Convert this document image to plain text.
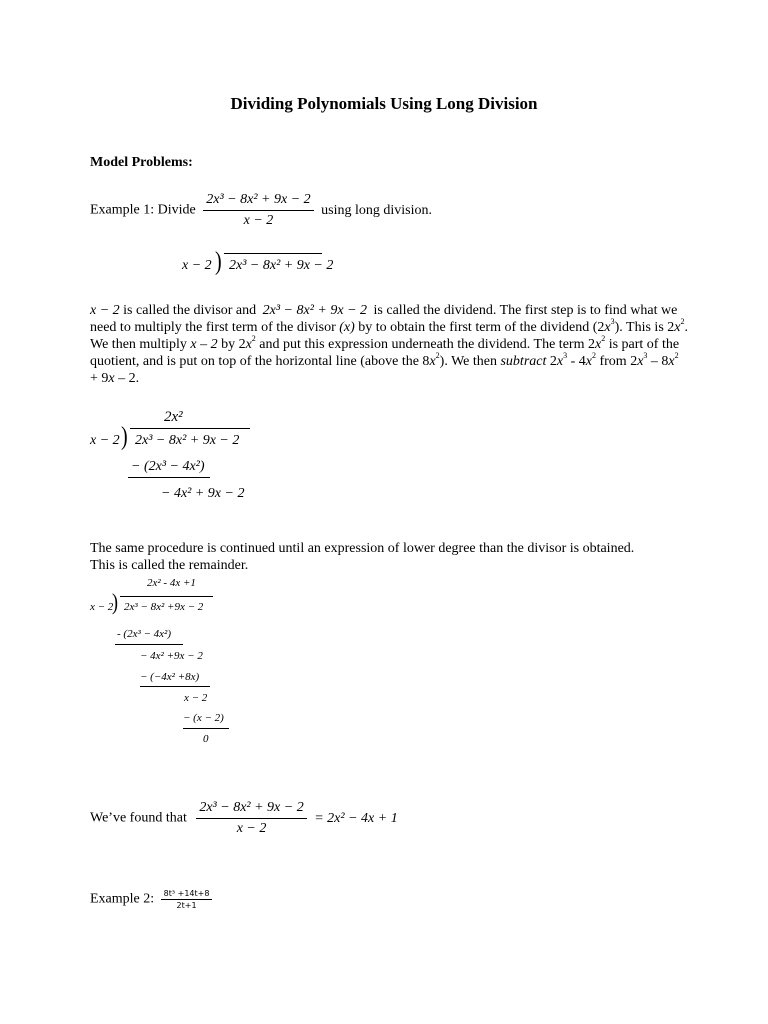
Dividing Polynomials Using Long Division
Model Problems:
Example 1: Divide $\frac{\text{2x³ − 8x² + 9x − 2}}{x - 2}$ using long division.
x − 2 ) 2x³ − 8x² + 9x − 2
x − 2 is called the divisor and 2x³ − 8x² + 9x − 2 is called the dividend. The first step is to find what we need to multiply the first term of the divisor (x) by to obtain the first term of the dividend $(2x^3)$. This is $2x^2$. We then multiply x – 2 by $2x^2$ and put this expression underneath the dividend. The term $2x^2$ is part of the quotient, and is put on top of the horizontal line (above the $8x^2$). We then subtract $2x^3 - 4x^2$ from $2x^3 - 8x^2 + 9x - 2$.
2x²
x − 2 ) 2x³ − 8x² + 9x − 2
− (2x³ − 4x²)
− 4x² + 9x − 2
The same procedure is continued until an expression of lower degree than the divisor is obtained.
This is called the remainder.
2x² - 4x +1
x − 2
) 2x³ − 8x² +9x − 2
- (2x³ − 4x²)
− 4x² +9x − 2
− (−4x² +8x)
x − 2
− (x − 2)
0
We’ve found that $\frac{\text{2x³ − 8x² + 9x − 2}}{x - 2} = 2x^2 - 4x + 1$
Example 2: $\frac{\text{8t³ +14t+8}}{2t+1}$
